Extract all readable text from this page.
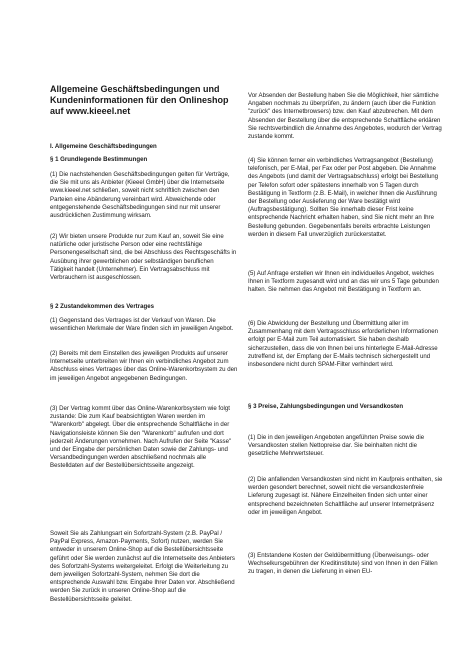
Allgemeine Geschäftsbedingungen und Kundeninformationen für den Onlineshop auf www.kieeel.net

I. Allgemeine Geschäftsbedingungen

§ 1 Grundlegende Bestimmungen

(1) Die nachstehenden Geschäftsbedingungen gelten für Verträge, die Sie mit uns als Anbieter (Kieeel GmbH) über die Internetseite www.kieeel.net schließen, soweit nicht schriftlich zwischen den Parteien eine Abänderung vereinbart wird. Abweichende oder entgegenstehende Geschäftsbedingungen sind nur mit unserer ausdrücklichen Zustimmung wirksam.

(2) Wir bieten unsere Produkte nur zum Kauf an, soweit Sie eine natürliche oder juristische Person oder eine rechtsfähige Personengesellschaft sind, die bei Abschluss des Rechtsgeschäfts in Ausübung ihrer gewerblichen oder selbständigen beruflichen Tätigkeit handelt (Unternehmer). Ein Vertragsabschluss mit Verbrauchern ist ausgeschlossen.

§ 2 Zustandekommen des Vertrages

(1) Gegenstand des Vertrages ist der Verkauf von Waren. Die wesentlichen Merkmale der Ware finden sich im jeweiligen Angebot.

(2) Bereits mit dem Einstellen des jeweiligen Produkts auf unserer Internetseite unterbreiten wir Ihnen ein verbindliches Angebot zum Abschluss eines Vertrages über das Online-Warenkorbsystem zu den im jeweiligen Angebot angegebenen Bedingungen.

(3) Der Vertrag kommt über das Online-Warenkorbsystem wie folgt zustande: Die zum Kauf beabsichtigten Waren werden im "Warenkorb" abgelegt. Über die entsprechende Schaltfläche in der Navigationsleiste können Sie den "Warenkorb" aufrufen und dort jederzeit Änderungen vornehmen. Nach Aufrufen der Seite "Kasse" und der Eingabe der persönlichen Daten sowie der Zahlungs- und Versandbedingungen werden abschließend nochmals alle Bestelldaten auf der Bestellübersichtsseite angezeigt.

Soweit Sie als Zahlungsart ein Sofortzahl-System (z.B. PayPal / PayPal Express, Amazon-Payments, Sofort) nutzen, werden Sie entweder in unserem Online-Shop auf die Bestellübersichtsseite geführt oder Sie werden zunächst auf die Internetseite des Anbieters des Sofortzahl-Systems weitergeleitet. Erfolgt die Weiterleitung zu dem jeweiligen Sofortzahl-System, nehmen Sie dort die entsprechende Auswahl bzw. Eingabe Ihrer Daten vor. Abschließend werden Sie zurück in unseren Online-Shop auf die Bestellübersichtsseite geleitet.

Vor Absenden der Bestellung haben Sie die Möglichkeit, hier sämtliche Angaben nochmals zu überprüfen, zu ändern (auch über die Funktion "zurück" des Internetbrowsers) bzw. den Kauf abzubrechen. Mit dem Absenden der Bestellung über die entsprechende Schaltfläche erklären Sie rechtsverbindlich die Annahme des Angebotes, wodurch der Vertrag zustande kommt.

(4) Sie können ferner ein verbindliches Vertragsangebot (Bestellung) telefonisch, per E-Mail, per Fax oder per Post abgeben. Die Annahme des Angebots (und damit der Vertragsabschluss) erfolgt bei Bestellung per Telefon sofort oder spätestens innerhalb von 5 Tagen durch Bestätigung in Textform (z.B. E-Mail), in welcher Ihnen die Ausführung der Bestellung oder Auslieferung der Ware bestätigt wird (Auftragsbestätigung). Sollten Sie innerhalb dieser Frist keine entsprechende Nachricht erhalten haben, sind Sie nicht mehr an Ihre Bestellung gebunden. Gegebenenfalls bereits erbrachte Leistungen werden in diesem Fall unverzüglich zurückerstattet.

(5) Auf Anfrage erstellen wir Ihnen ein individuelles Angebot, welches Ihnen in Textform zugesandt wird und an das wir uns 5 Tage gebunden halten. Sie nehmen das Angebot mit Bestätigung in Textform an.

(6) Die Abwicklung der Bestellung und Übermittlung aller im Zusammenhang mit dem Vertragsschluss erforderlichen Informationen erfolgt per E-Mail zum Teil automatisiert. Sie haben deshalb sicherzustellen, dass die von Ihnen bei uns hinterlegte E-Mail-Adresse zutreffend ist, der Empfang der E-Mails technisch sichergestellt und insbesondere nicht durch SPAM-Filter verhindert wird.

§ 3 Preise, Zahlungsbedingungen und Versandkosten

(1) Die in den jeweiligen Angeboten angeführten Preise sowie die Versandkosten stellen Nettopreise dar. Sie beinhalten nicht die gesetzliche Mehrwertsteuer.

(2) Die anfallenden Versandkosten sind nicht im Kaufpreis enthalten, sie werden gesondert berechnet, soweit nicht die versandkostenfreie Lieferung zugesagt ist. Nähere Einzelheiten finden sich unter einer entsprechend bezeichneten Schaltfläche auf unserer Internetpräsenz oder im jeweiligen Angebot.

(3) Entstandene Kosten der Geldübermittlung (Überweisungs- oder Wechselkursgebühren der Kreditinstitute) sind von Ihnen in den Fällen zu tragen, in denen die Lieferung in einen EU-
